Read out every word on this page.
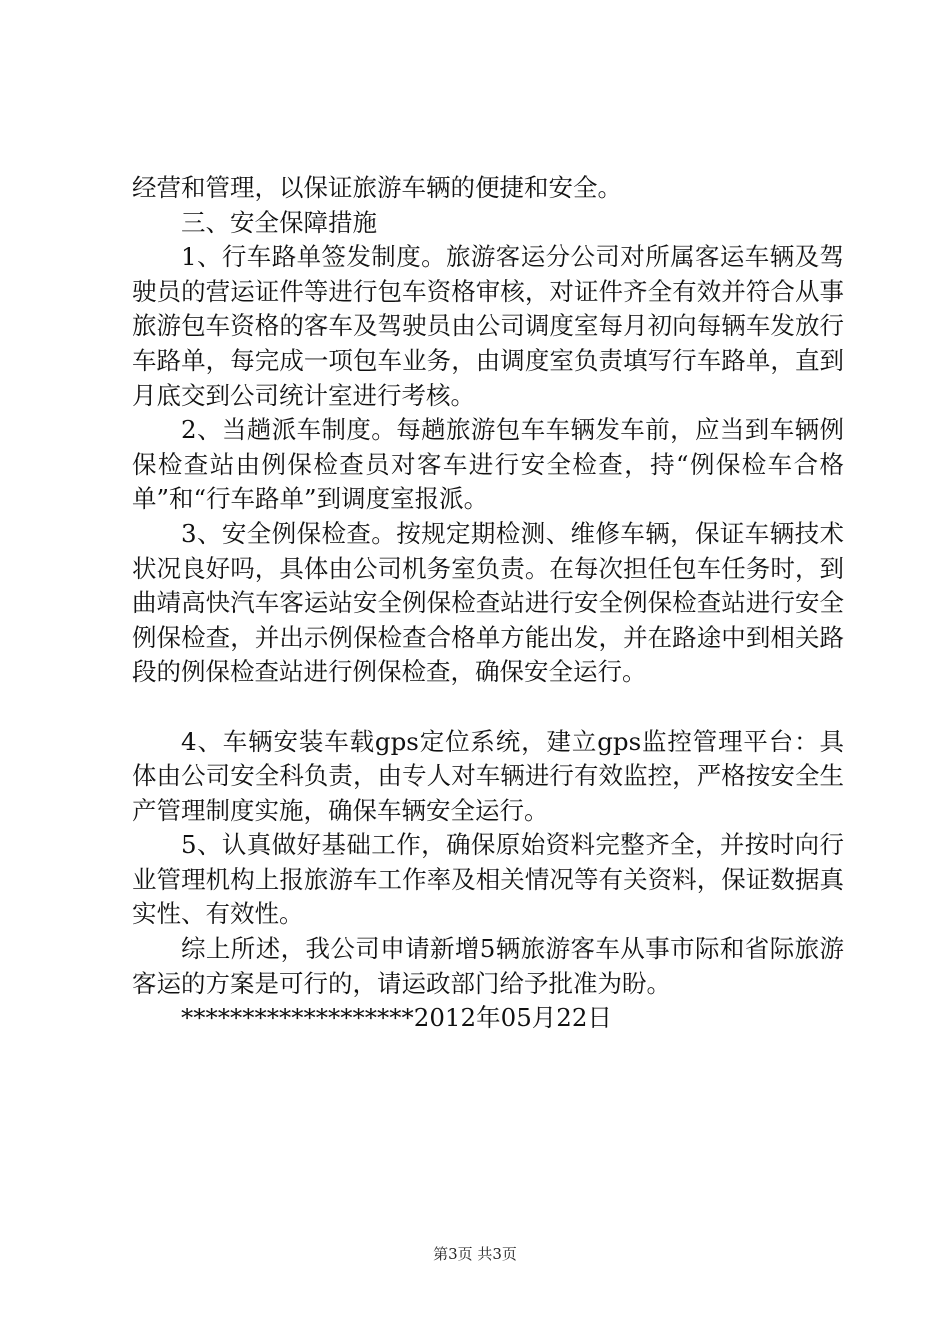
经营和管理，以保证旅游车辆的便捷和安全。

三、安全保障措施

1、行车路单签发制度。旅游客运分公司对所属客运车辆及驾驶员的营运证件等进行包车资格审核，对证件齐全有效并符合从事旅游包车资格的客车及驾驶员由公司调度室每月初向每辆车发放行车路单，每完成一项包车业务，由调度室负责填写行车路单，直到月底交到公司统计室进行考核。

2、当趟派车制度。每趟旅游包车车辆发车前，应当到车辆例保检查站由例保检查员对客车进行安全检查，持“例保检车合格单”和“行车路单”到调度室报派。

3、安全例保检查。按规定期检测、维修车辆，保证车辆技术状况良好吗，具体由公司机务室负责。在每次担任包车任务时，到曲靖高快汽车客运站安全例保检查站进行安全例保检查站进行安全例保检查，并出示例保检查合格单方能出发，并在路途中到相关路段的例保检查站进行例保检查，确保安全运行。

4、车辆安装车载gps定位系统，建立gps监控管理平台：具体由公司安全科负责，由专人对车辆进行有效监控，严格按安全生产管理制度实施，确保车辆安全运行。

5、认真做好基础工作，确保原始资料完整齐全，并按时向行业管理机构上报旅游车工作率及相关情况等有关资料，保证数据真实性、有效性。

综上所述，我公司申请新增5辆旅游客车从事市际和省际旅游客运的方案是可行的，请运政部门给予批准为盼。

*******************2012年05月22日

第3页 共3页
